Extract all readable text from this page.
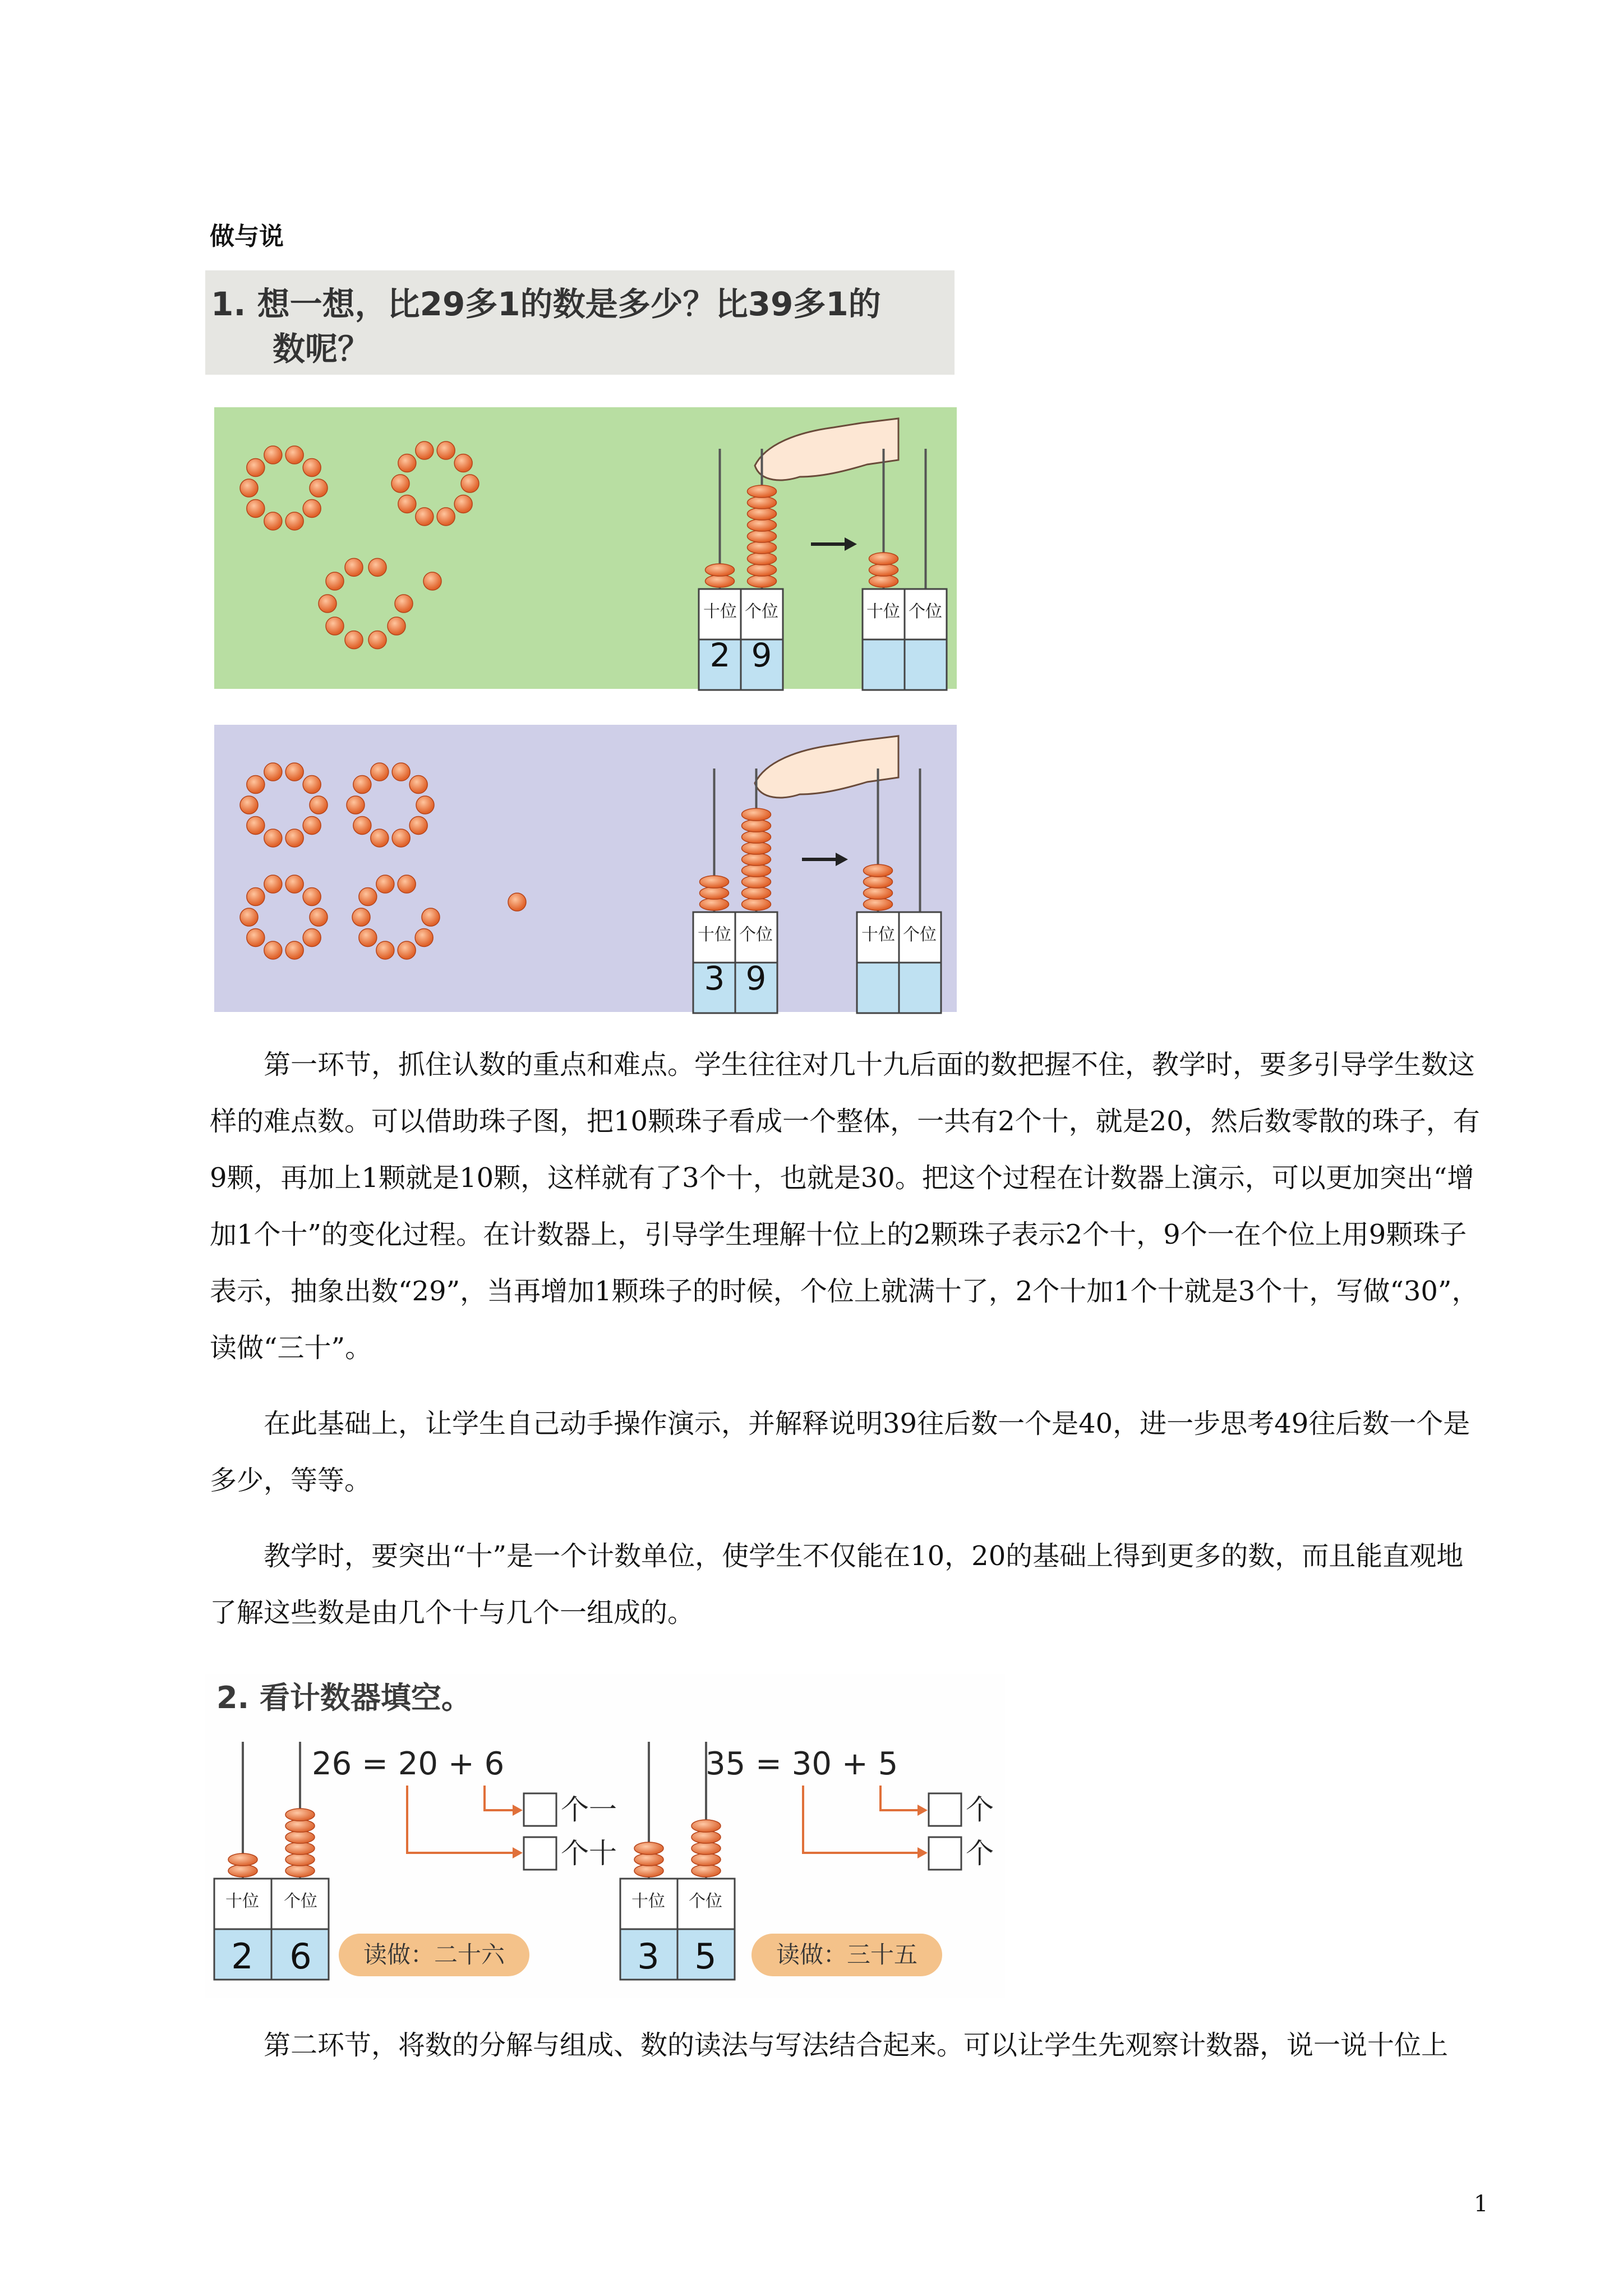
做与说
1. 想一想，比29多1的数是多少？比39多1的
数呢？
十位 个位	十位 个位
十位 个位	十位 个位
2 9
3 9

第一环节，抓住认数的重点和难点。学生往往对几十九后面的数把握不住，教学时，要多引导学生数这样的难点数。可以借助珠子图，把10颗珠子看成一个整体，一共有2个十，就是20，然后数零散的珠子，有9颗，再加上1颗就是10颗，这样就有了3个十，也就是30。把这个过程在计数器上演示，可以更加突出“增加1个十”的变化过程。在计数器上，引导学生理解十位上的2颗珠子表示2个十，9个一在个位上用9颗珠子表示，抽象出数“29”，当再增加1颗珠子的时候，个位上就满十了，2个十加1个十就是3个十，写做“30”，读做“三十”。

在此基础上，让学生自己动手操作演示，并解释说明39往后数一个是40，进一步思考49往后数一个是多少，等等。

教学时，要突出“十”是一个计数单位，使学生不仅能在10，20的基础上得到更多的数，而且能直观地了解这些数是由几个十与几个一组成的。

2. 看计数器填空。
26 = 20 + 6	35 = 30 + 5
个一
个十
个
个
十位 个位	十位 个位
2 6	3 5
读做：二十六	读做：三十五

第二环节，将数的分解与组成、数的读法与写法结合起来。可以让学生先观察计数器，说一说十位上

1
